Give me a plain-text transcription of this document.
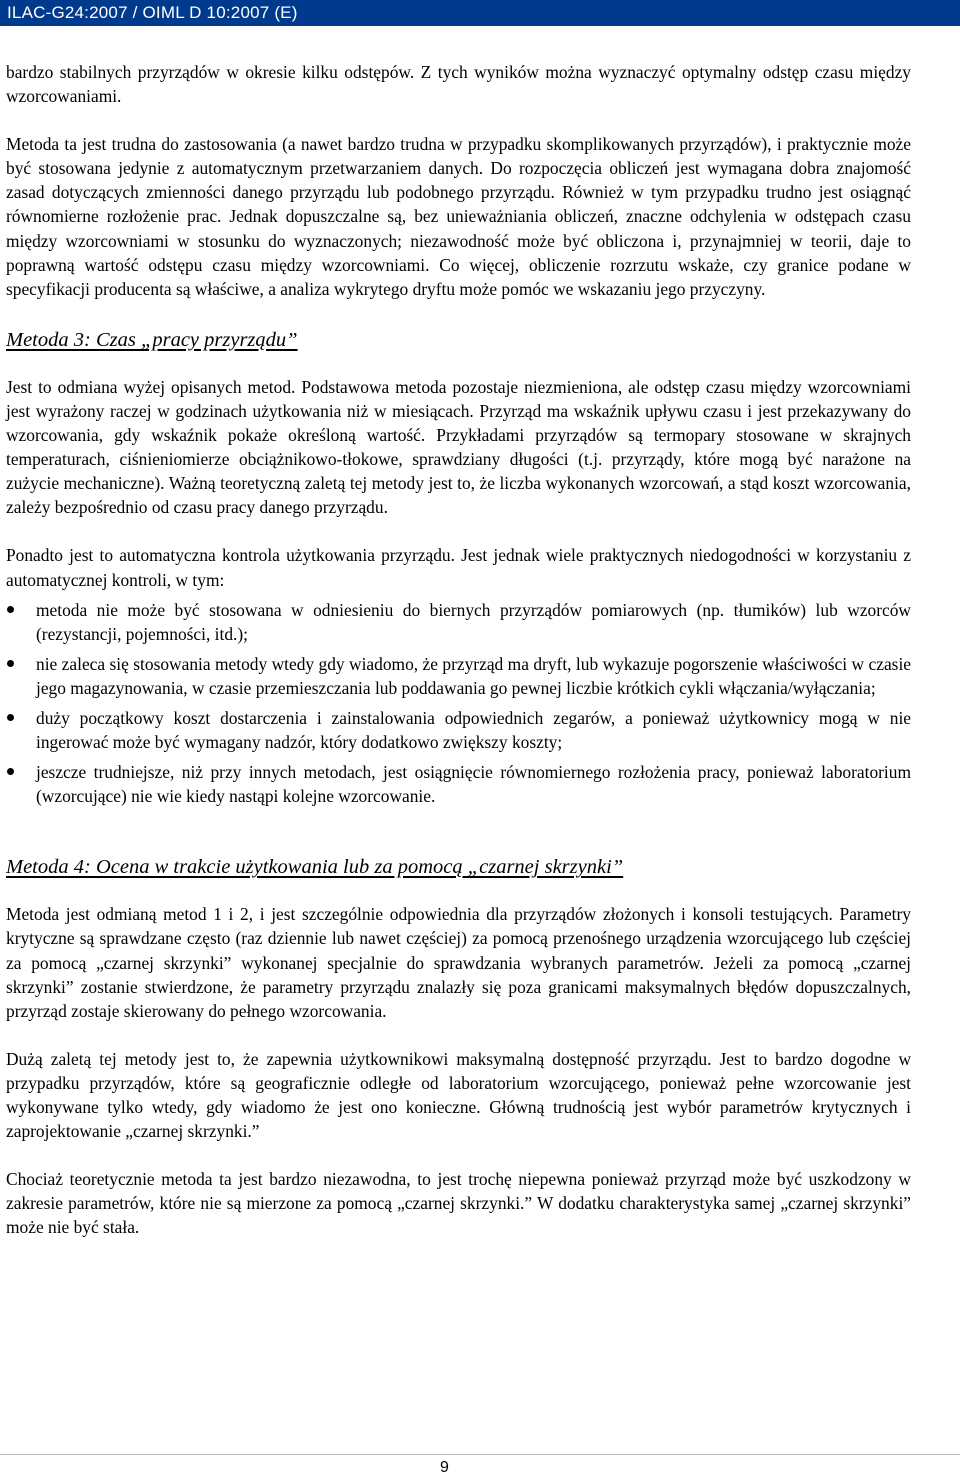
ILAC-G24:2007 / OIML D 10:2007 (E)

bardzo stabilnych przyrządów w okresie kilku odstępów. Z tych wyników można wyznaczyć optymalny odstęp czasu między wzorcowaniami.

Metoda ta jest trudna do zastosowania (a nawet bardzo trudna w przypadku skomplikowanych przyrządów), i praktycznie może być stosowana jedynie z automatycznym przetwarzaniem danych. Do rozpoczęcia obliczeń jest wymagana dobra znajomość zasad dotyczących zmienności danego przyrządu lub podobnego przyrządu. Również w tym przypadku trudno jest osiągnąć równomierne rozłożenie prac. Jednak dopuszczalne są, bez unieważniania obliczeń, znaczne odchylenia w odstępach czasu między wzorcowniami w stosunku do wyznaczonych; niezawodność może być obliczona i, przynajmniej w teorii, daje to poprawną wartość odstępu czasu między wzorcowniami. Co więcej, obliczenie rozrzutu wskaże, czy granice podane w specyfikacji producenta są właściwe, a analiza wykrytego dryftu może pomóc we wskazaniu jego przyczyny.

Metoda 3: Czas „pracy przyrządu”

Jest to odmiana wyżej opisanych metod. Podstawowa metoda pozostaje niezmieniona, ale odstęp czasu między wzorcowniami jest wyrażony raczej w godzinach użytkowania niż w miesiącach. Przyrząd ma wskaźnik upływu czasu i jest przekazywany do wzorcowania, gdy wskaźnik pokaże określoną wartość. Przykładami przyrządów są termopary stosowane w skrajnych temperaturach, ciśnieniomierze obciążnikowo-tłokowe, sprawdziany długości (t.j. przyrządy, które mogą być narażone na zużycie mechaniczne). Ważną teoretyczną zaletą tej metody jest to, że liczba wykonanych wzorcowań, a stąd koszt wzorcowania, zależy bezpośrednio od czasu pracy danego przyrządu.

Ponadto jest to automatyczna kontrola użytkowania przyrządu. Jest jednak wiele praktycznych niedogodności w korzystaniu z automatycznej kontroli, w tym:

metoda nie może być stosowana w odniesieniu do biernych przyrządów pomiarowych (np. tłumików) lub wzorców (rezystancji, pojemności, itd.);
nie zaleca się stosowania metody wtedy gdy wiadomo, że przyrząd ma dryft, lub wykazuje pogorszenie właściwości w czasie jego magazynowania, w czasie przemieszczania lub poddawania go pewnej liczbie krótkich cykli włączania/wyłączania;
duży początkowy koszt dostarczenia i zainstalowania odpowiednich zegarów, a ponieważ użytkownicy mogą w nie ingerować może być wymagany nadzór, który dodatkowo zwiększy koszty;
jeszcze trudniejsze, niż przy innych metodach, jest osiągnięcie równomiernego rozłożenia pracy, ponieważ laboratorium (wzorcujące) nie wie kiedy nastąpi kolejne wzorcowanie.
Metoda 4: Ocena w trakcie użytkowania lub za pomocą „czarnej skrzynki”

Metoda jest odmianą metod 1 i 2, i jest szczególnie odpowiednia dla przyrządów złożonych i konsoli testujących. Parametry krytyczne są sprawdzane często (raz dziennie lub nawet częściej) za pomocą przenośnego urządzenia wzorcującego lub częściej za pomocą „czarnej skrzynki” wykonanej specjalnie do sprawdzania wybranych parametrów. Jeżeli za pomocą „czarnej skrzynki” zostanie stwierdzone, że parametry przyrządu znalazły się poza granicami maksymalnych błędów dopuszczalnych, przyrząd zostaje skierowany do pełnego wzorcowania.

Dużą zaletą tej metody jest to, że zapewnia użytkownikowi maksymalną dostępność przyrządu. Jest to bardzo dogodne w przypadku przyrządów, które są geograficznie odległe od laboratorium wzorcującego, ponieważ pełne wzorcowanie jest wykonywane tylko wtedy, gdy wiadomo że jest ono konieczne. Główną trudnością jest wybór parametrów krytycznych i zaprojektowanie „czarnej skrzynki.”

Chociaż teoretycznie metoda ta jest bardzo niezawodna, to jest trochę niepewna ponieważ przyrząd może być uszkodzony w zakresie parametrów, które nie są mierzone za pomocą „czarnej skrzynki.” W dodatku charakterystyka samej „czarnej skrzynki” może nie być stała.

9
